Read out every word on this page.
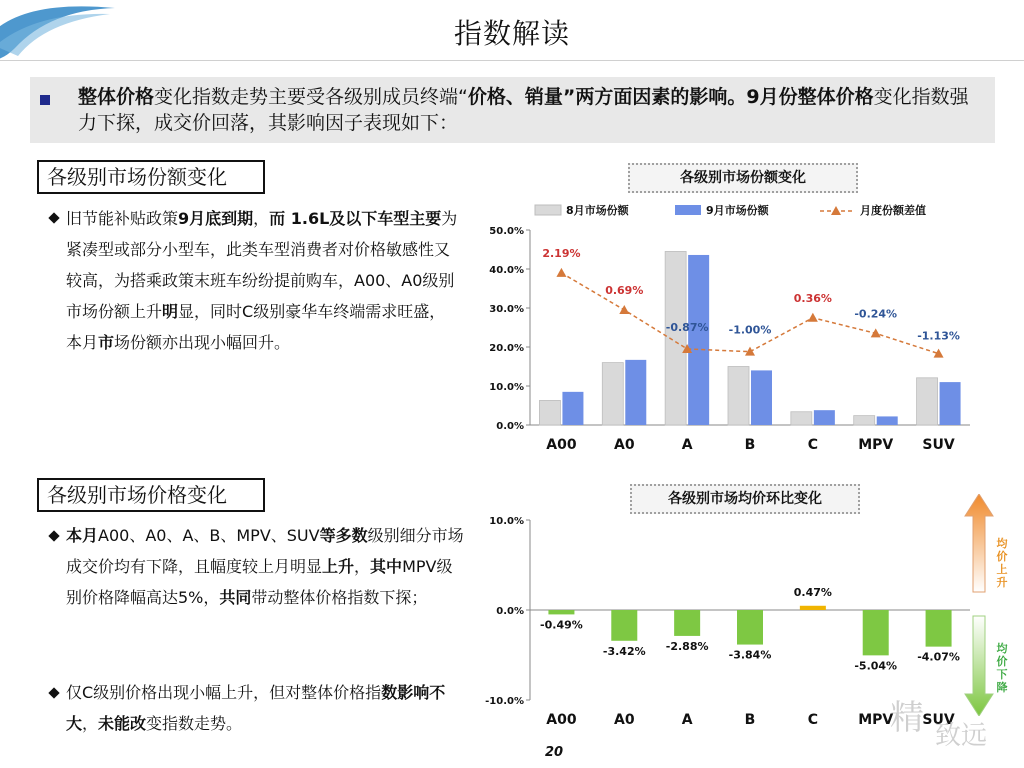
指数解读
整体价格变化指数走势主要受各级别成员终端“价格、销量”两方面因素的影响。9月份整体价格变化指数强力下探，成交价回落，其影响因子表现如下：
各级别市场份额变化
旧节能补贴政策9月底到期，而 1.6L及以下车型主要为紧凑型或部分小型车，此类车型消费者对价格敏感性又较高，为搭乘政策末班车纷纷提前购车，A00、A0级别市场份额上升明显，同时C级别豪华车终端需求旺盛，本月市场份额亦出现小幅回升。
各级别市场价格变化
本月A00、A0、A、B、MPV、SUV等多数级别细分市场成交价均有下降，且幅度较上月明显上升，其中MPV级别价格降幅高达5%，共同带动整体价格指数下探；
仅C级别价格出现小幅上升，但对整体价格指数影响不大，未能改变指数走势。
各级别市场份额变化
各级别市场均价环比变化
0.0%
10.0%
20.0%
30.0%
40.0%
50.0%
A00	A0	A	B	C	MPV SUV
2.19%
0.69%
-0.87% -1.00%
0.36%
-0.24%
-1.13%
8月市场份额	9月市场份额	月度份额差值
10.0%
0.0%
-10.0%
-0.49%
A00
-3.42%
A0
-2.88%
A
-3.84%
B
0.47%
C
-5.04%
MPV
-4.07%
SUV
均价上升
均价下降
精 致远
20
